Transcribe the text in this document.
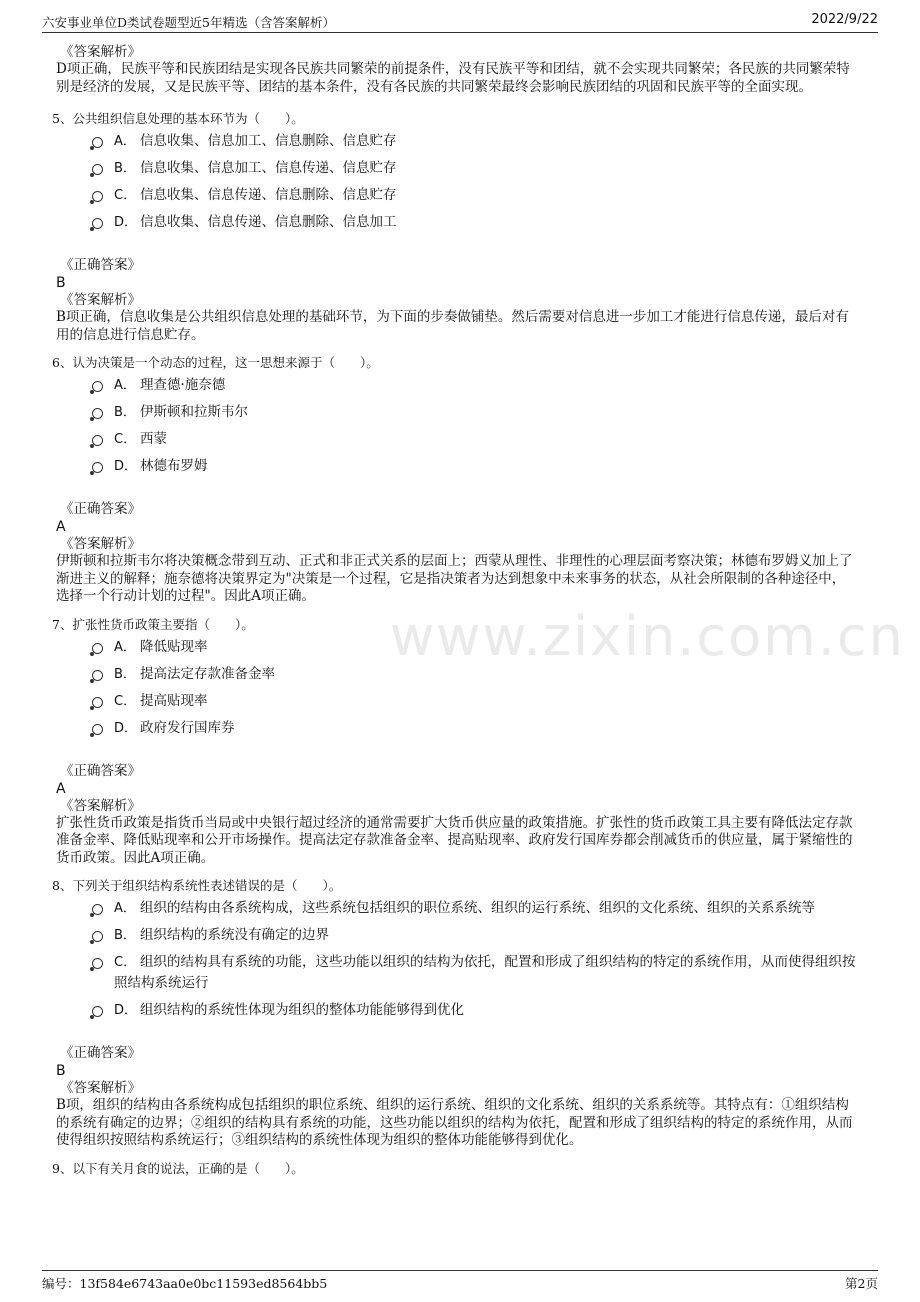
六安事业单位D类试卷题型近5年精选（含答案解析）	2022/9/22
www.zixin.com.cn
《答案解析》

D项正确，民族平等和民族团结是实现各民族共同繁荣的前提条件，没有民族平等和团结，就不会实现共同繁荣；各民族的共同繁荣特别是经济的发展，又是民族平等、团结的基本条件，没有各民族的共同繁荣最终会影响民族团结的巩固和民族平等的全面实现。

5、公共组织信息处理的基本环节为（　　）。
A． 信息收集、信息加工、信息删除、信息贮存
B． 信息收集、信息加工、信息传递、信息贮存
C． 信息收集、信息传递、信息删除、信息贮存
D． 信息收集、信息传递、信息删除、信息加工
《正确答案》
B
《答案解析》

B项正确，信息收集是公共组织信息处理的基础环节，为下面的步奏做铺垫。然后需要对信息进一步加工才能进行信息传递，最后对有用的信息进行信息贮存。

6、认为决策是一个动态的过程，这一思想来源于（　　）。
A． 理查德·施奈德
B． 伊斯顿和拉斯韦尔
C． 西蒙
D． 林德布罗姆
《正确答案》
A
《答案解析》

伊斯顿和拉斯韦尔将决策概念带到互动、正式和非正式关系的层面上；西蒙从理性、非理性的心理层面考察决策；林德布罗姆义加上了渐进主义的解释；施奈德将决策界定为"决策是一个过程，它是指决策者为达到想象中未来事务的状态，从社会所限制的各种途径中，选择一个行动计划的过程"。因此A项正确。

7、扩张性货币政策主要指（　　）。
A． 降低贴现率
B． 提高法定存款准备金率
C． 提高贴现率
D． 政府发行国库券
《正确答案》
A
《答案解析》

扩张性货币政策是指货币当局或中央银行超过经济的通常需要扩大货币供应量的政策措施。扩张性的货币政策工具主要有降低法定存款准备金率、降低贴现率和公开市场操作。提高法定存款准备金率、提高贴现率、政府发行国库券都会削减货币的供应量，属于紧缩性的货币政策。因此A项正确。

8、下列关于组织结构系统性表述错误的是（　　）。
A． 组织的结构由各系统构成，这些系统包括组织的职位系统、组织的运行系统、组织的文化系统、组织的关系系统等
B． 组织结构的系统没有确定的边界
C． 组织的结构具有系统的功能，这些功能以组织的结构为依托，配置和形成了组织结构的特定的系统作用，从而使得组织按照结构系统运行
D． 组织结构的系统性体现为组织的整体功能能够得到优化
《正确答案》
B
《答案解析》

B项，组织的结构由各系统构成包括组织的职位系统、组织的运行系统、组织的文化系统、组织的关系系统等。其特点有：①组织结构的系统有确定的边界；②组织的结构具有系统的功能，这些功能以组织的结构为依托，配置和形成了组织结构的特定的系统作用，从而使得组织按照结构系统运行；③组织结构的系统性体现为组织的整体功能能够得到优化。

9、以下有关月食的说法，正确的是（　　）。
编号：13f584e6743aa0e0bc11593ed8564bb5	第2页
